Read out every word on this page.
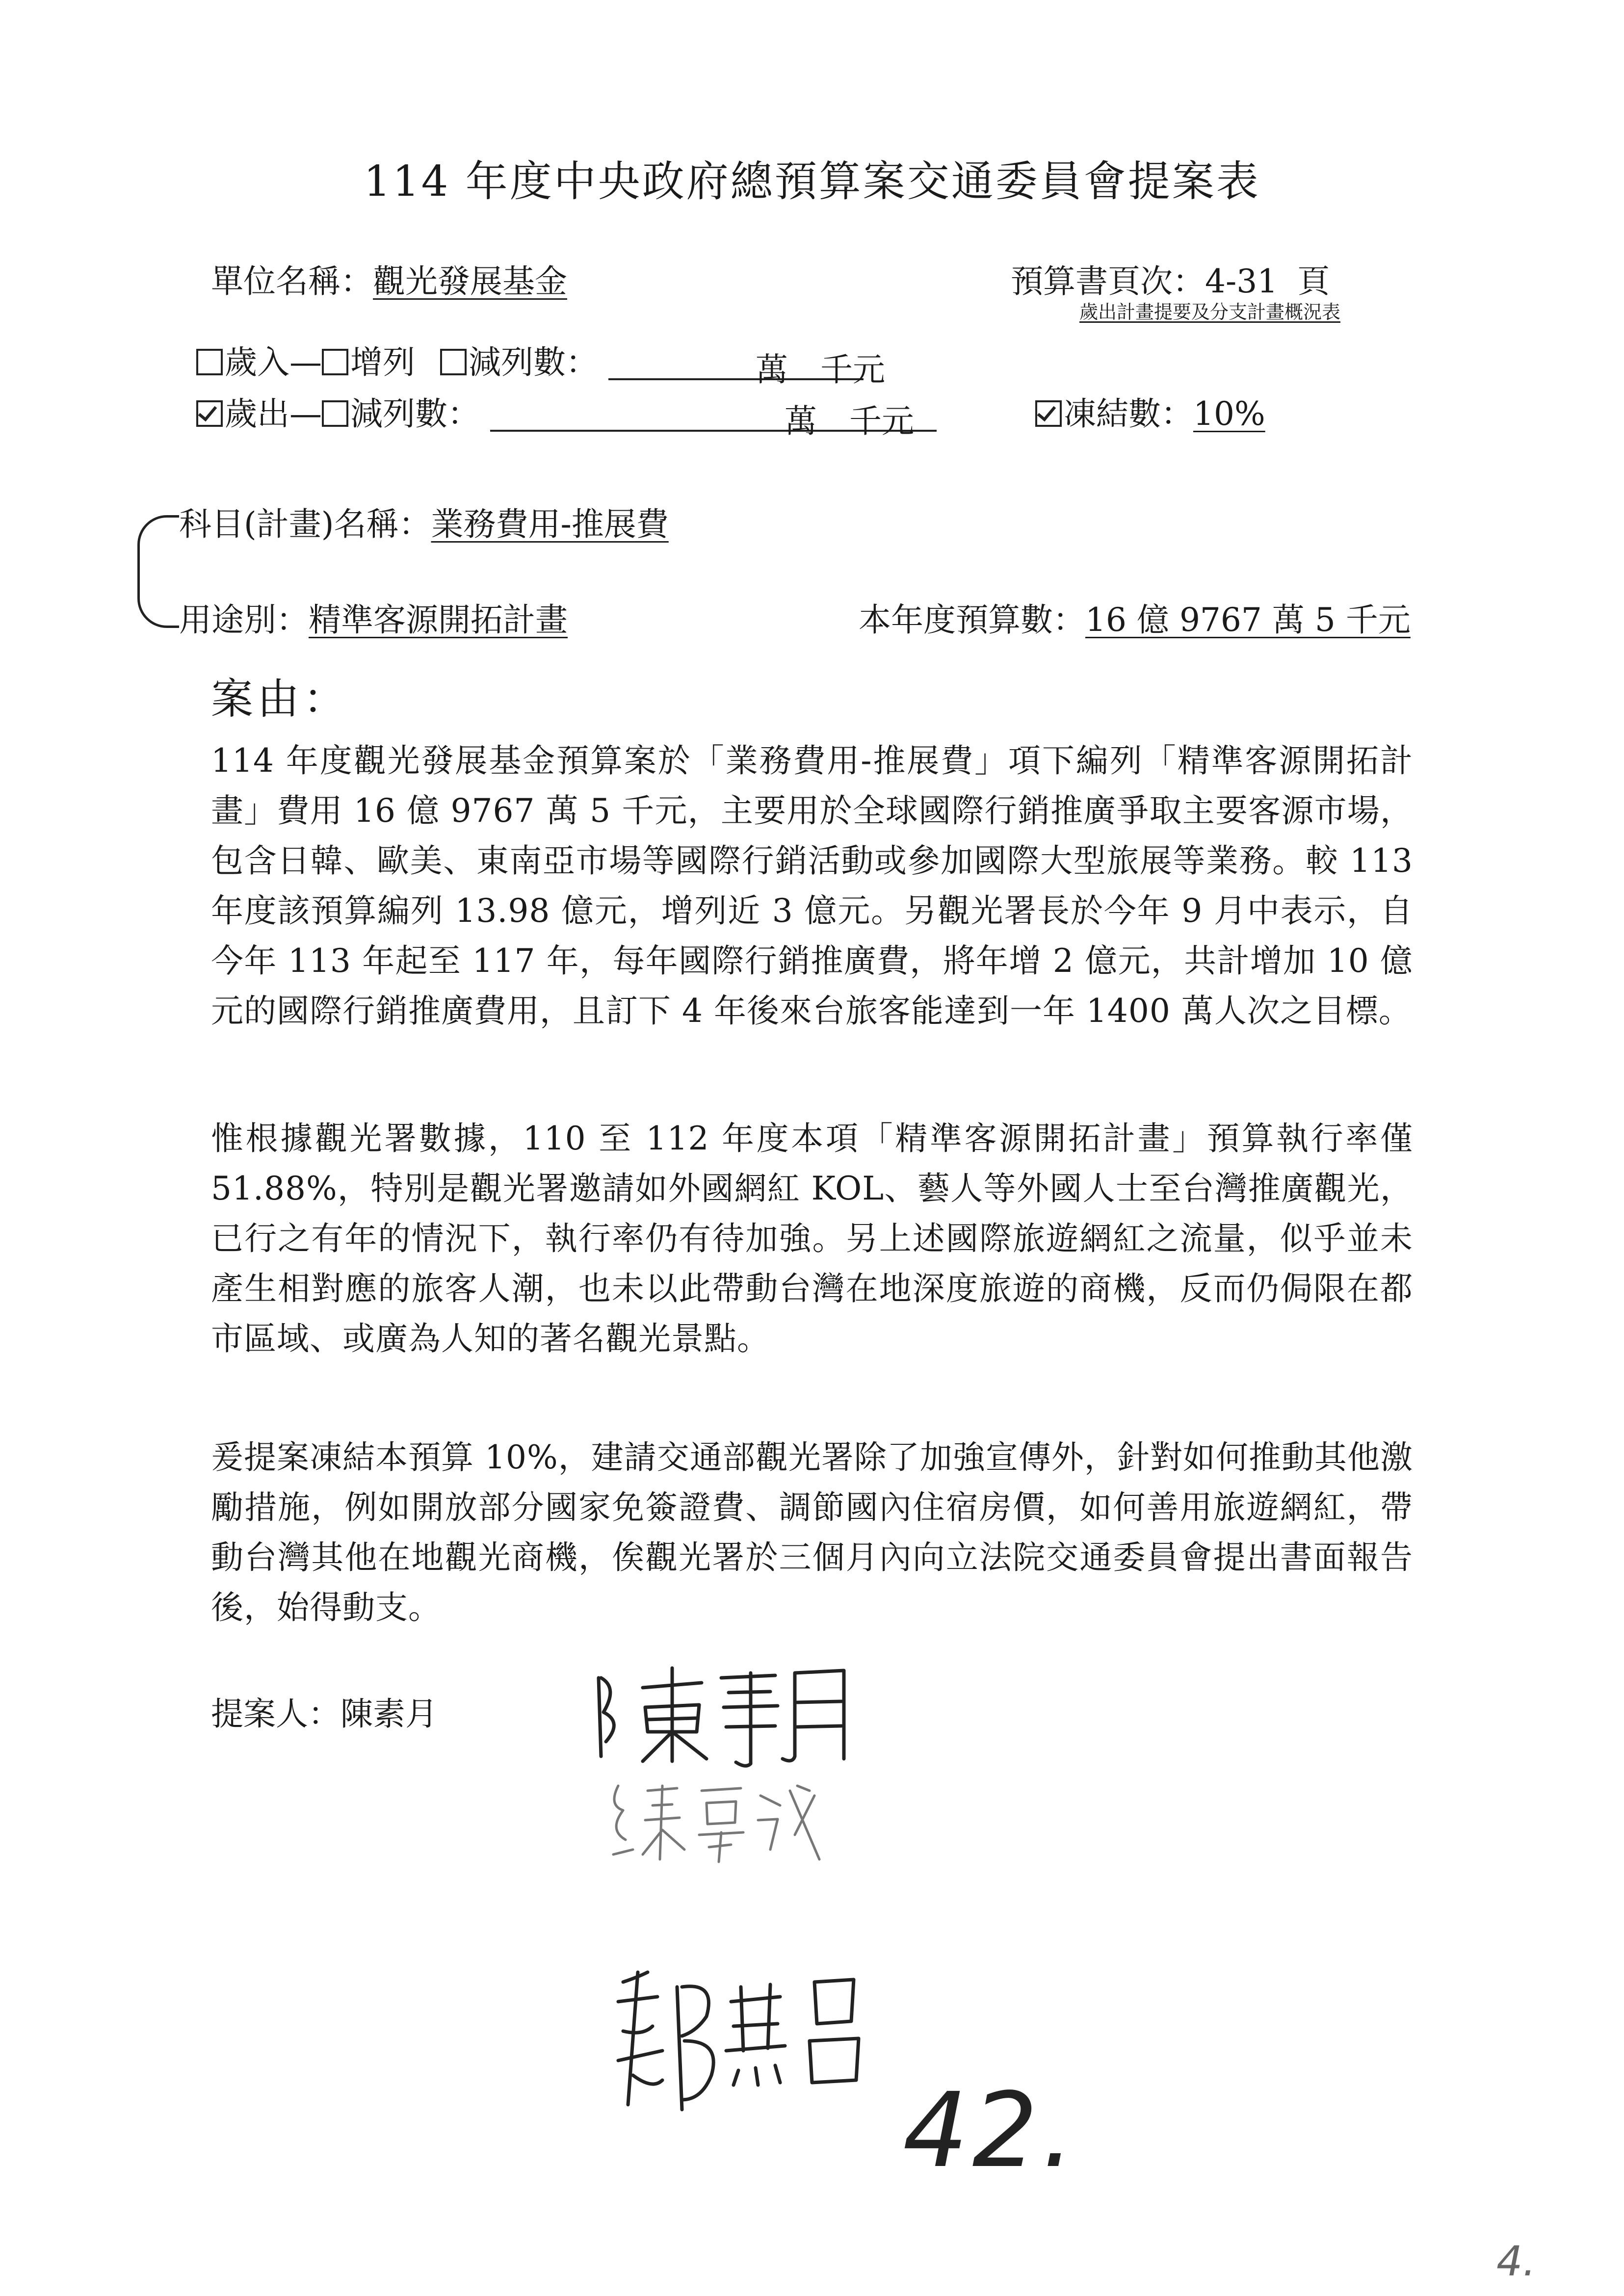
114 年度中央政府總預算案交通委員會提案表
單位名稱：觀光發展基金	預算書頁次：4-31 頁
歲出計畫提要及分支計畫概況表
歲入— 增列 減列數：	萬　千元
歲出— 減列數：	萬　千元	凍結數：10%
科目(計畫)名稱：業務費用-推展費
用途別：精準客源開拓計畫	本年度預算數：16 億 9767 萬 5 千元
案由：
114 年度觀光發展基金預算案於「業務費用-推展費」項下編列「精準客源開拓計畫」費用 16 億 9767 萬 5 千元，主要用於全球國際行銷推廣爭取主要客源市場，包含日韓、歐美、東南亞市場等國際行銷活動或參加國際大型旅展等業務。較 113 年度該預算編列 13.98 億元，增列近 3 億元。另觀光署長於今年 9 月中表示，自今年 113 年起至 117 年，每年國際行銷推廣費，將年增 2 億元，共計增加 10 億元的國際行銷推廣費用，且訂下 4 年後來台旅客能達到一年 1400 萬人次之目標。
惟根據觀光署數據，110 至 112 年度本項「精準客源開拓計畫」預算執行率僅 51.88%，特別是觀光署邀請如外國網紅 KOL、藝人等外國人士至台灣推廣觀光，已行之有年的情況下，執行率仍有待加強。另上述國際旅遊網紅之流量，似乎並未產生相對應的旅客人潮，也未以此帶動台灣在地深度旅遊的商機，反而仍侷限在都市區域、或廣為人知的著名觀光景點。
爰提案凍結本預算 10%，建請交通部觀光署除了加強宣傳外，針對如何推動其他激勵措施，例如開放部分國家免簽證費、調節國內住宿房價，如何善用旅遊網紅，帶動台灣其他在地觀光商機，俟觀光署於三個月內向立法院交通委員會提出書面報告後，始得動支。
提案人：陳素月
42.
4.
